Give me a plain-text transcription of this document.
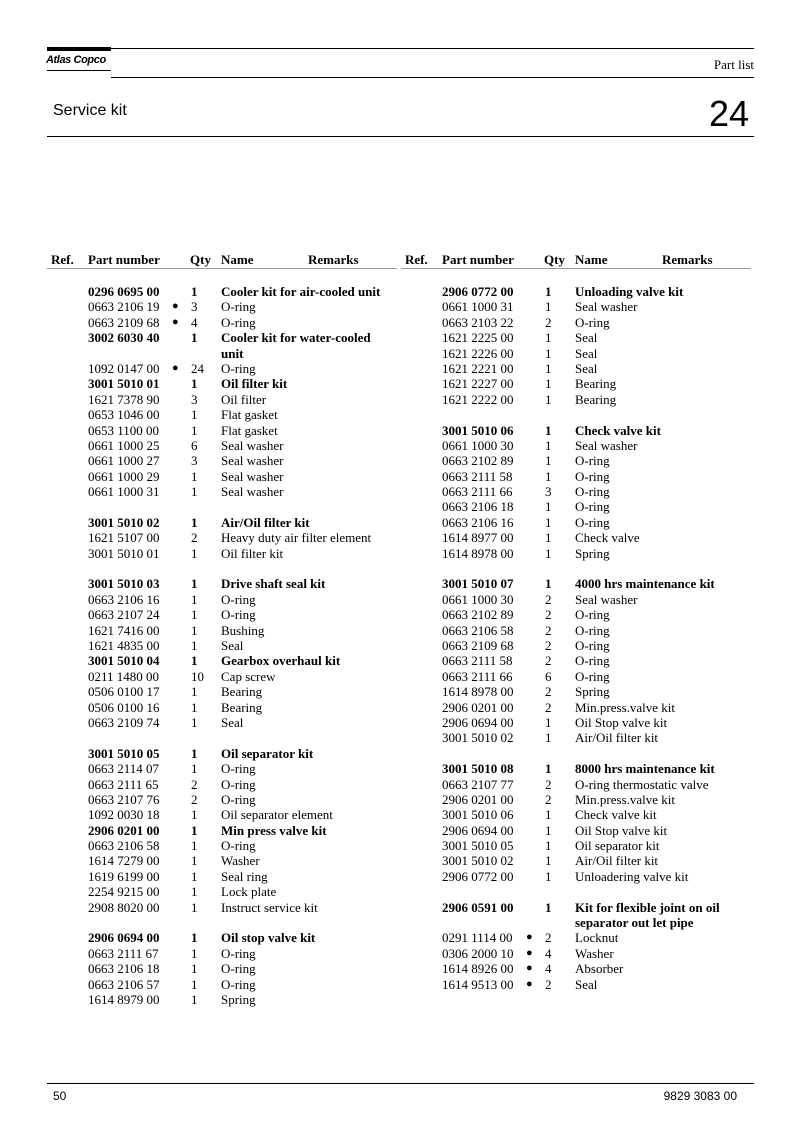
Atlas Copco	Part list
Service kit	24
Ref. Part number Qty Name	Remarks
0296 0695 00 1 Cooler kit for air-cooled unit
0663 2106 19 ● 3 O-ring
0663 2109 68 ● 4 O-ring
3002 6030 40 1 Cooler kit for water-cooled
unit
1092 0147 00 ● 24 O-ring
3001 5010 01 1 Oil filter kit
1621 7378 90 3 Oil filter
0653 1046 00 1 Flat gasket
0653 1100 00 1 Flat gasket
0661 1000 25 6 Seal washer
0661 1000 27 3 Seal washer
0661 1000 29 1 Seal washer
0661 1000 31 1 Seal washer
3001 5010 02 1 Air/Oil filter kit
1621 5107 00 2 Heavy duty air filter element
3001 5010 01 1 Oil filter kit
3001 5010 03 1 Drive shaft seal kit
0663 2106 16 1 O-ring
0663 2107 24 1 O-ring
1621 7416 00 1 Bushing
1621 4835 00 1 Seal
3001 5010 04 1 Gearbox overhaul kit
0211 1480 00 10 Cap screw
0506 0100 17 1 Bearing
0506 0100 16 1 Bearing
0663 2109 74 1 Seal
3001 5010 05 1 Oil separator kit
0663 2114 07 1 O-ring
0663 2111 65 2 O-ring
0663 2107 76 2 O-ring
1092 0030 18 1 Oil separator element
2906 0201 00 1 Min press valve kit
0663 2106 58 1 O-ring
1614 7279 00 1 Washer
1619 6199 00 1 Seal ring
2254 9215 00 1 Lock plate
2908 8020 00 1 Instruct service kit
2906 0694 00 1 Oil stop valve kit
0663 2111 67 1 O-ring
0663 2106 18 1 O-ring
0663 2106 57 1 O-ring
1614 8979 00 1 Spring
Ref. Part number Qty Name	Remarks
2906 0772 00 1 Unloading valve kit
0661 1000 31 1 Seal washer
0663 2103 22 2 O-ring
1621 2225 00 1 Seal
1621 2226 00 1 Seal
1621 2221 00 1 Seal
1621 2227 00 1 Bearing
1621 2222 00 1 Bearing
3001 5010 06 1 Check valve kit
0661 1000 30 1 Seal washer
0663 2102 89 1 O-ring
0663 2111 58 1 O-ring
0663 2111 66 3 O-ring
0663 2106 18 1 O-ring
0663 2106 16 1 O-ring
1614 8977 00 1 Check valve
1614 8978 00 1 Spring
3001 5010 07 1 4000 hrs maintenance kit
0661 1000 30 2 Seal washer
0663 2102 89 2 O-ring
0663 2106 58 2 O-ring
0663 2109 68 2 O-ring
0663 2111 58 2 O-ring
0663 2111 66 6 O-ring
1614 8978 00 2 Spring
2906 0201 00 2 Min.press.valve kit
2906 0694 00 1 Oil Stop valve kit
3001 5010 02 1 Air/Oil filter kit
3001 5010 08 1 8000 hrs maintenance kit
0663 2107 77 2 O-ring thermostatic valve
2906 0201 00 2 Min.press.valve kit
3001 5010 06 1 Check valve kit
2906 0694 00 1 Oil Stop valve kit
3001 5010 05 1 Oil separator kit
3001 5010 02 1 Air/Oil filter kit
2906 0772 00 1 Unloadering valve kit
2906 0591 00 1 Kit for flexible joint on oil
separator out let pipe
0291 1114 00 ● 2 Locknut
0306 2000 10 ● 4 Washer
1614 8926 00 ● 4 Absorber
1614 9513 00 ● 2 Seal
50	9829 3083 00
